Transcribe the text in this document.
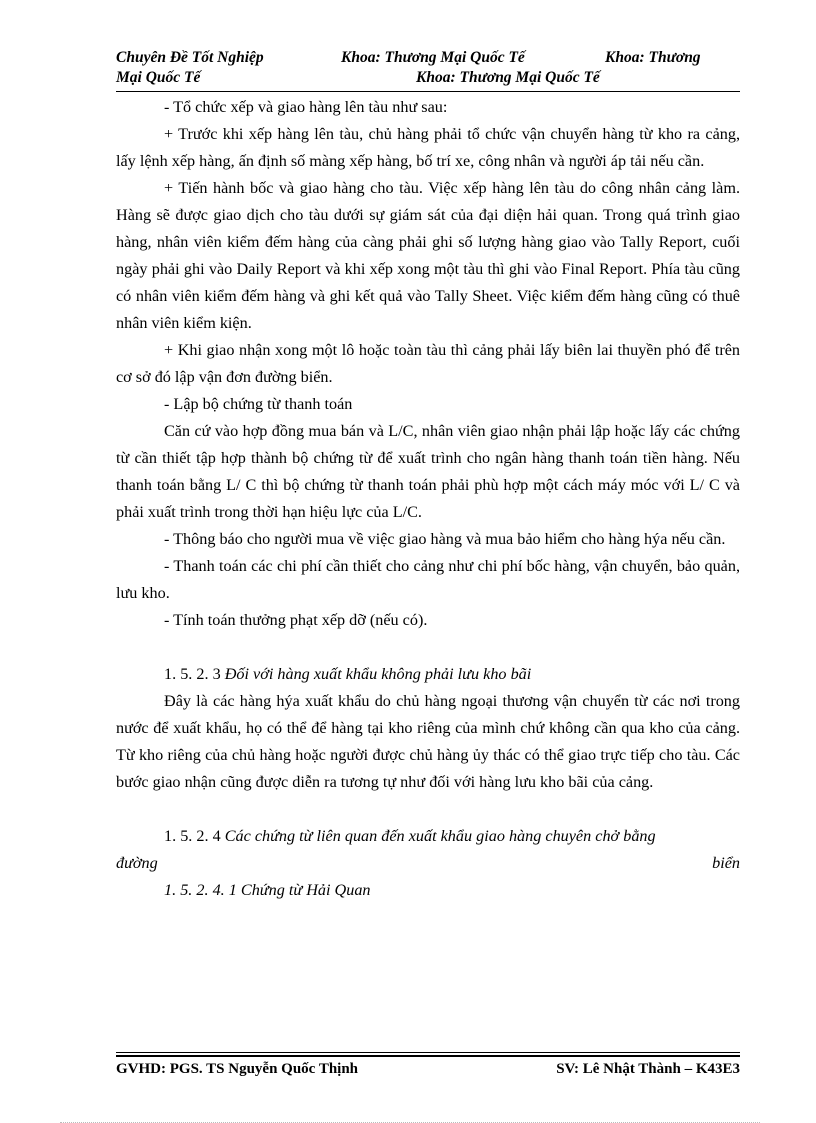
Chuyên Đề Tốt Nghiệp	Khoa: Thương Mại Quốc Tế	Khoa: Thương
Mại Quốc Tế	Khoa: Thương Mại Quốc Tế

- Tổ chức xếp và giao hàng lên tàu như sau:

+ Trước khi xếp hàng lên tàu, chủ hàng phải tổ chức vận chuyển hàng từ kho ra cảng, lấy lệnh xếp hàng, ấn định số màng xếp hàng, bố trí xe, công nhân và người áp tải nếu cần.

+ Tiến hành bốc và giao hàng cho tàu. Việc xếp hàng lên tàu do công nhân cảng làm. Hàng sẽ được giao dịch cho tàu dưới sự giám sát của đại diện hải quan. Trong quá trình giao hàng, nhân viên kiểm đếm hàng của càng phải ghi số lượng hàng giao vào Tally Report, cuối ngày phải ghi vào Daily Report và khi xếp xong một tàu thì ghi vào Final Report. Phía tàu cũng có nhân viên kiểm đếm hàng và ghi kết quả vào Tally Sheet. Việc kiểm đếm hàng cũng có thuê nhân viên kiểm kiện.

+ Khi giao nhận xong một lô hoặc toàn tàu thì cảng phải lấy biên lai thuyền phó để trên cơ sở đó lập vận đơn đường biển.

- Lập bộ chứng từ thanh toán

Căn cứ vào hợp đồng mua bán và L/C, nhân viên giao nhận phải lập hoặc lấy các chứng từ cần thiết tập hợp thành bộ chứng từ để xuất trình cho ngân hàng thanh toán tiền hàng. Nếu thanh toán bằng L/ C thì bộ chứng từ thanh toán phải phù hợp một cách máy móc với L/ C và phải xuất trình trong thời hạn hiệu lực của L/C.

- Thông báo cho người mua về việc giao hàng và mua bảo hiểm cho hàng hýa nếu cần.

- Thanh toán các chi phí cần thiết cho cảng như chi phí bốc hàng, vận chuyển, bảo quản, lưu kho.

- Tính toán thưởng phạt xếp dỡ (nếu có).

1. 5. 2. 3 Đối với hàng xuất khẩu không phải lưu kho bãi

Đây là các hàng hýa xuất khẩu do chủ hàng ngoại thương vận chuyển từ các nơi trong nước để xuất khẩu, họ có thể để hàng tại kho riêng của mình chứ không cần qua kho của cảng. Từ kho riêng của chủ hàng hoặc người được chủ hàng ủy thác có thể giao trực tiếp cho tàu. Các bước giao nhận cũng được diễn ra tương tự như đối với hàng lưu kho bãi của cảng.

1. 5. 2. 4 Các chứng từ liên quan đến xuất khẩu giao hàng chuyên chở bằng

đường	biển

1. 5. 2. 4. 1 Chứng từ Hải Quan

GVHD: PGS. TS Nguyễn Quốc Thịnh	SV: Lê Nhật Thành – K43E3
